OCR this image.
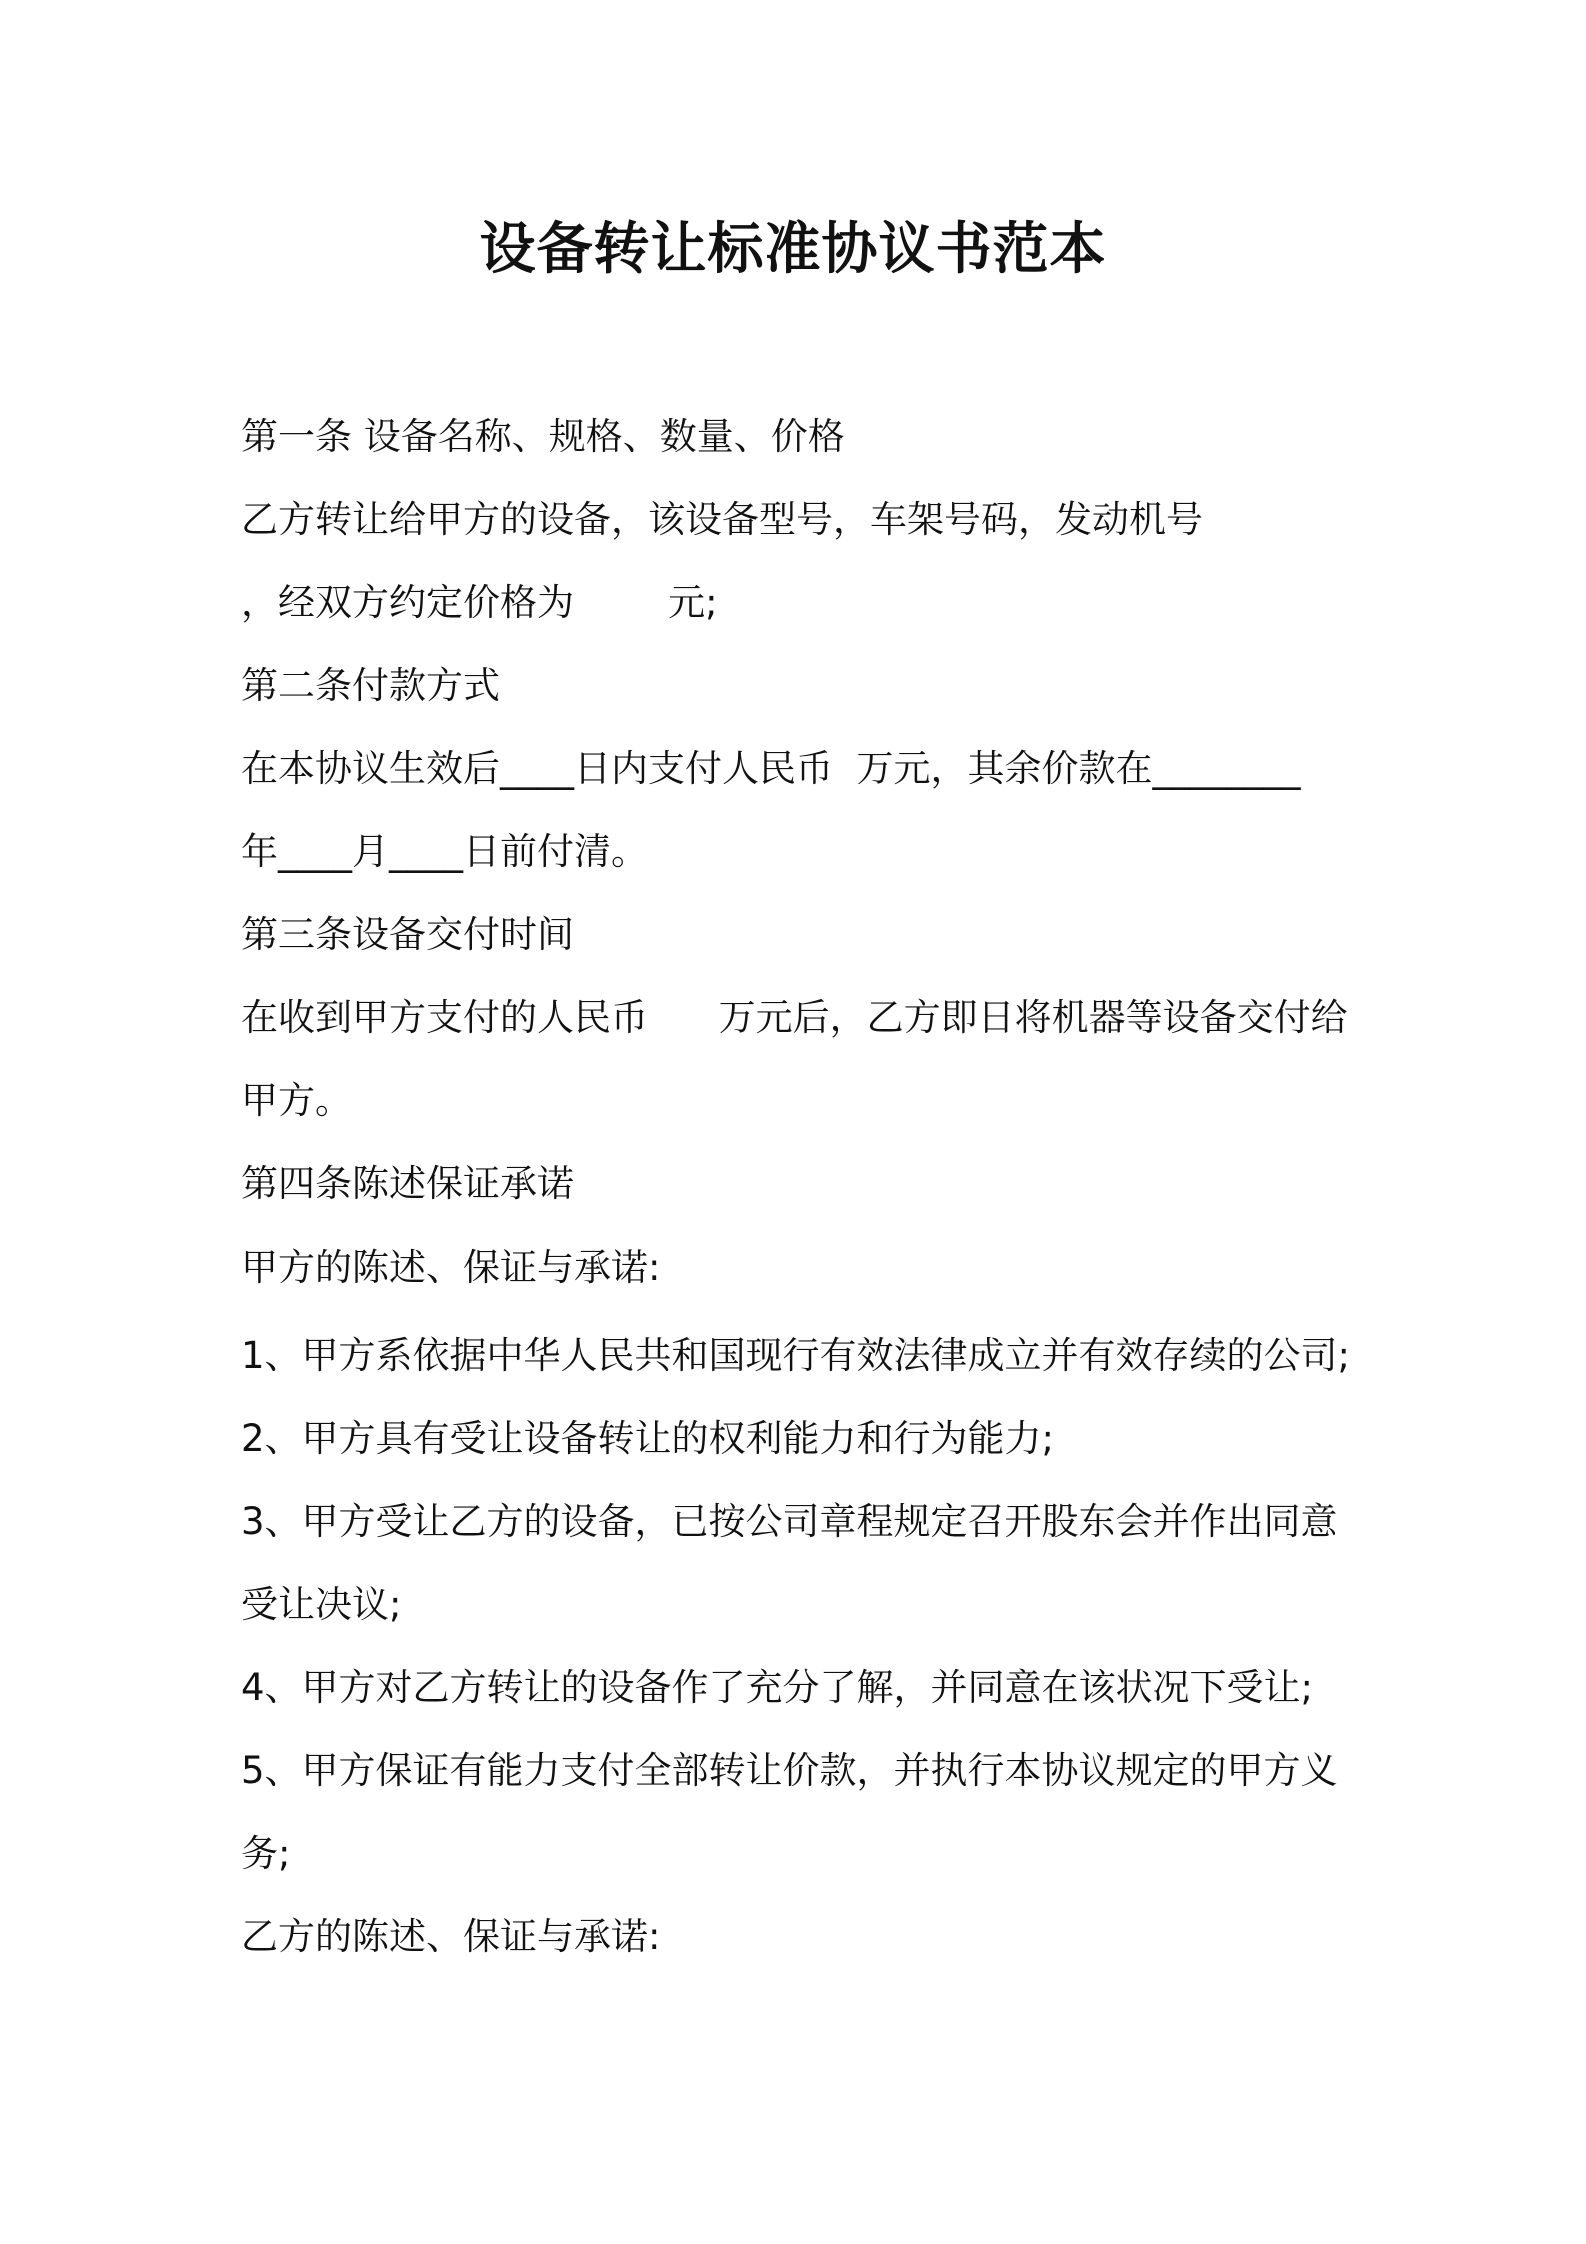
设备转让标准协议书范本
第一条 设备名称、规格、数量、价格
乙方转让给甲方的设备，该设备型号，车架号码，发动机号
，经双方约定价格为        元;
第二条付款方式
在本协议生效后____日内支付人民币  万元，其余价款在________
年____月____日前付清。
第三条设备交付时间
在收到甲方支付的人民币      万元后，乙方即日将机器等设备交付给
甲方。
第四条陈述保证承诺
甲方的陈述、保证与承诺:
1、甲方系依据中华人民共和国现行有效法律成立并有效存续的公司;
2、甲方具有受让设备转让的权利能力和行为能力;
3、甲方受让乙方的设备，已按公司章程规定召开股东会并作出同意
受让决议;
4、甲方对乙方转让的设备作了充分了解，并同意在该状况下受让;
5、甲方保证有能力支付全部转让价款，并执行本协议规定的甲方义
务;
乙方的陈述、保证与承诺:
